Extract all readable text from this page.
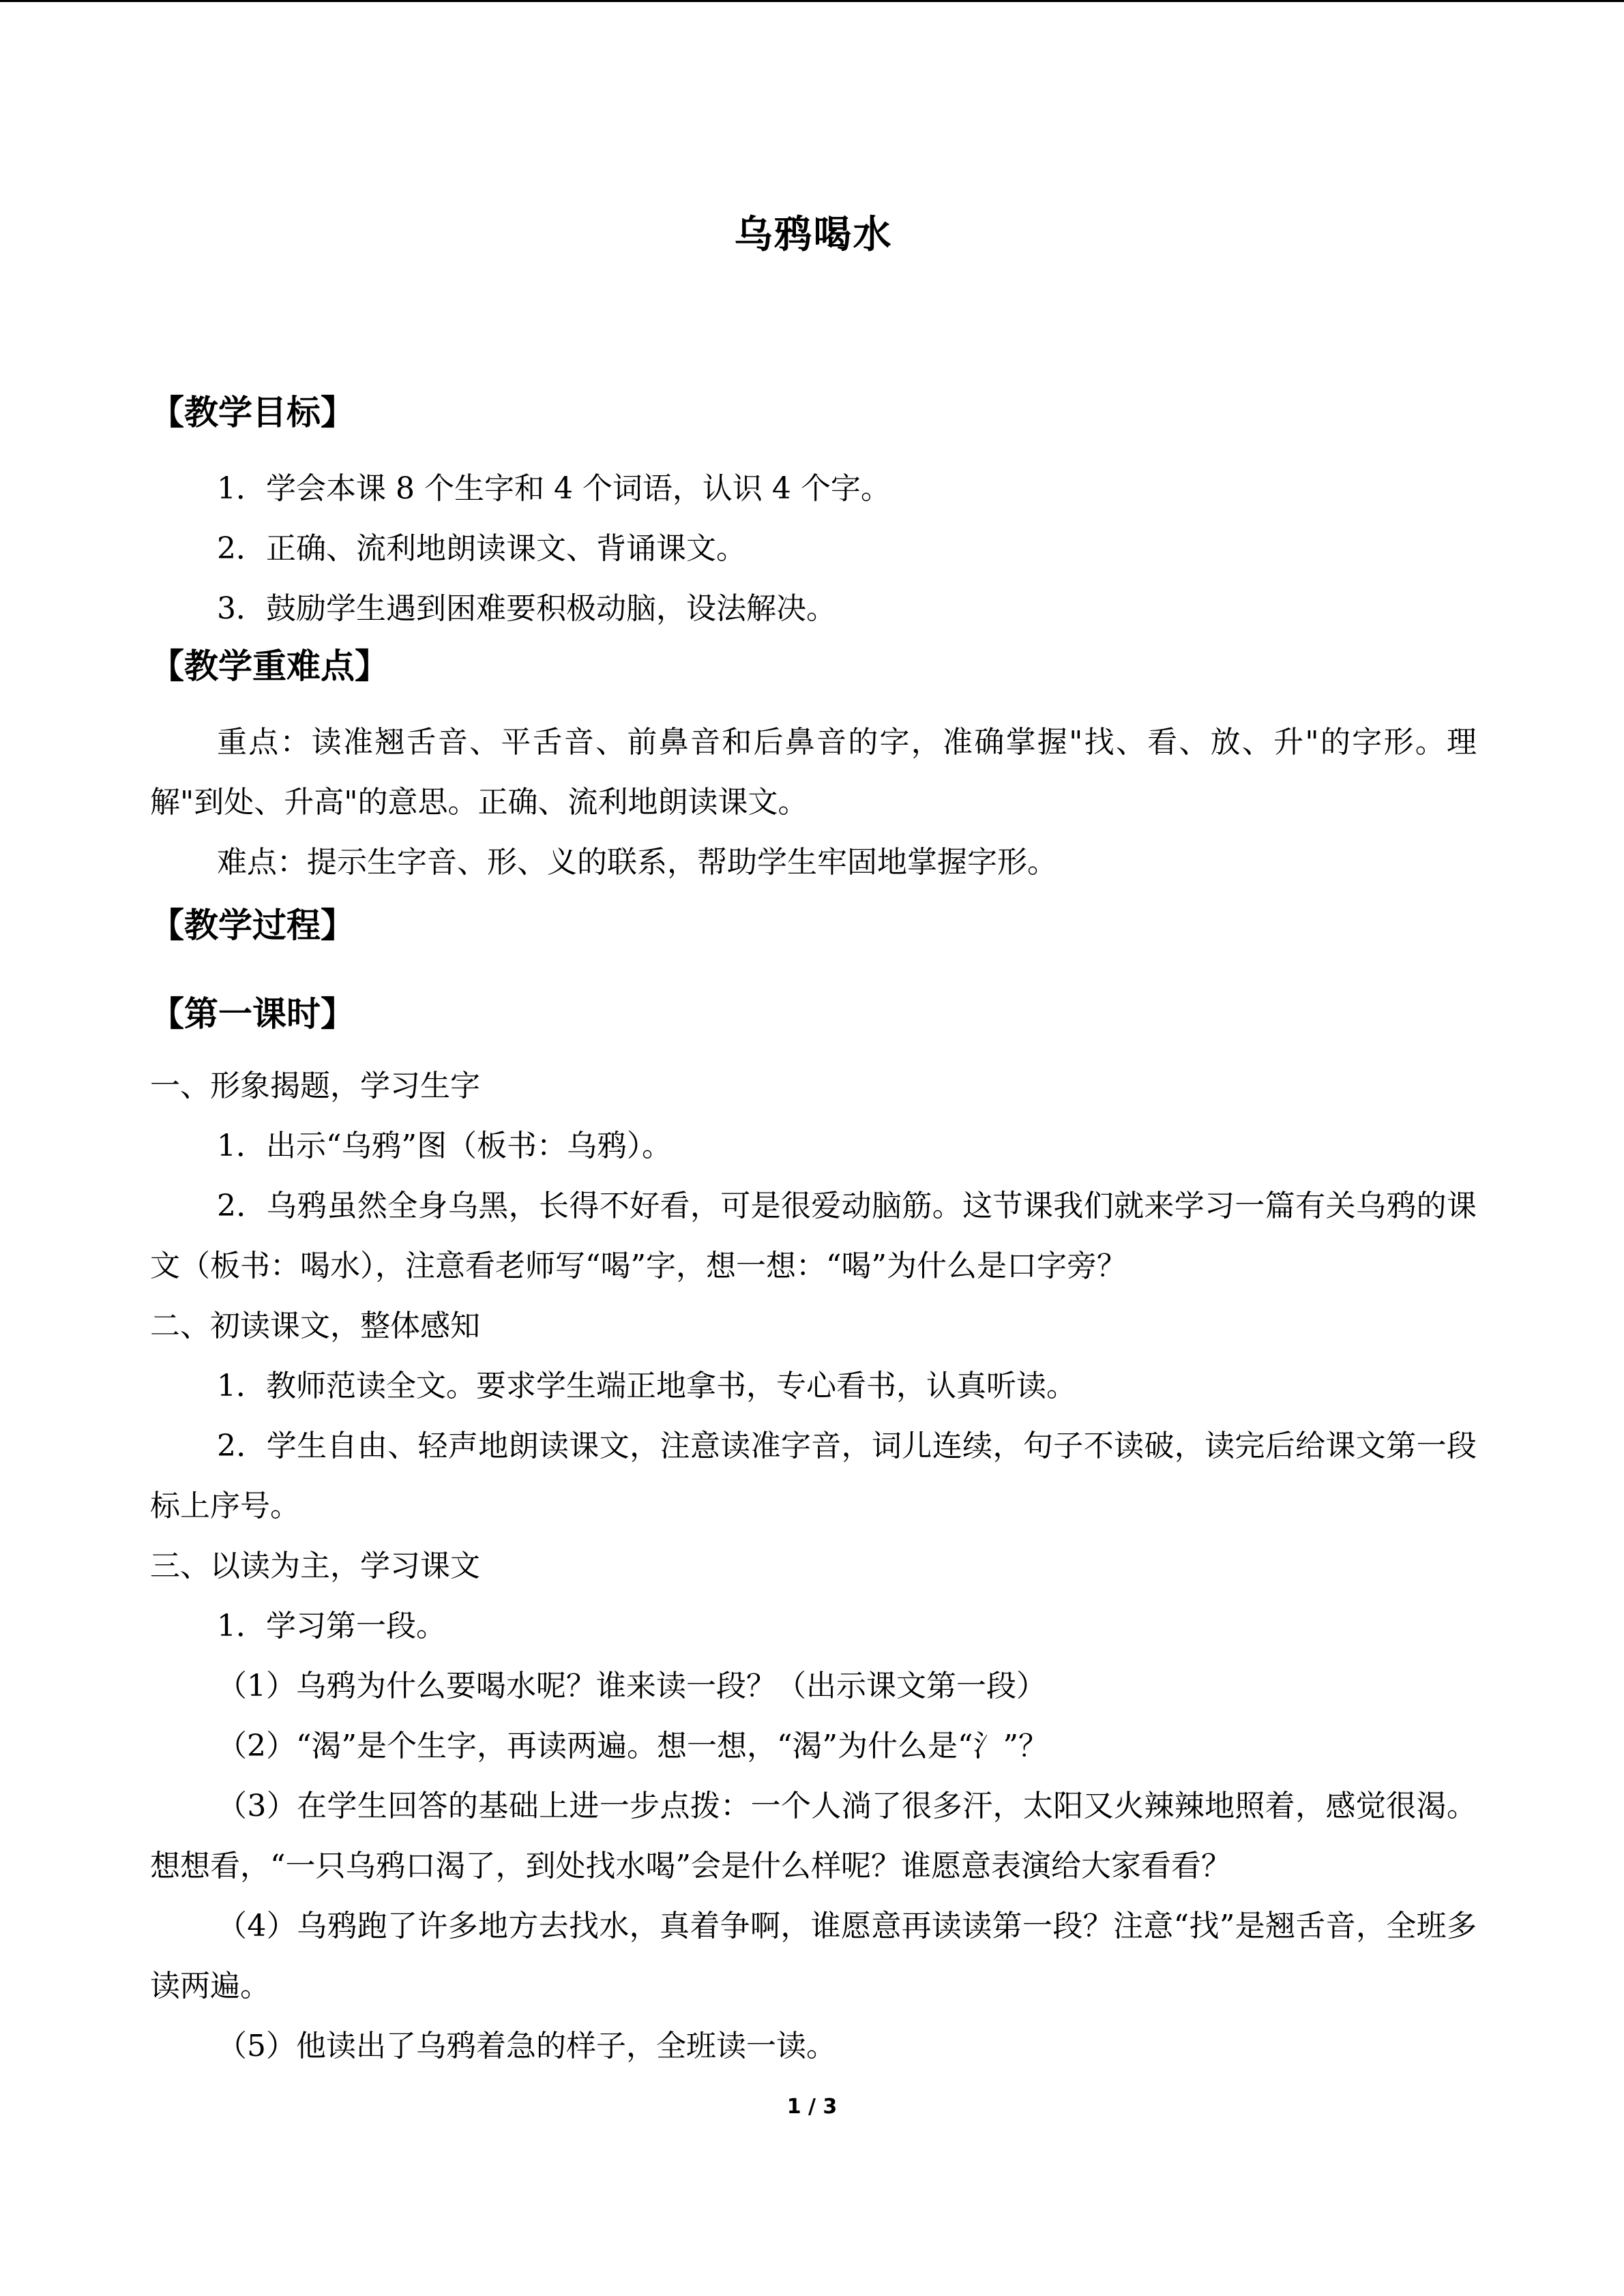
乌鸦喝水
【教学目标】

1．学会本课 8 个生字和 4 个词语，认识 4 个字。

2．正确、流利地朗读课文、背诵课文。

3．鼓励学生遇到困难要积极动脑，设法解决。

【教学重难点】

重点：读准翘舌音、平舌音、前鼻音和后鼻音的字，准确掌握"找、看、放、升"的字形。理解"到处、升高"的意思。正确、流利地朗读课文。

难点：提示生字音、形、义的联系，帮助学生牢固地掌握字形。

【教学过程】
【第一课时】

一、形象揭题，学习生字

1．出示“乌鸦”图（板书：乌鸦）。

2．乌鸦虽然全身乌黑，长得不好看，可是很爱动脑筋。这节课我们就来学习一篇有关乌鸦的课文（板书：喝水），注意看老师写“喝”字，想一想：“喝”为什么是口字旁？

二、初读课文，整体感知

1．教师范读全文。要求学生端正地拿书，专心看书，认真听读。

2．学生自由、轻声地朗读课文，注意读准字音，词儿连续，句子不读破，读完后给课文第一段标上序号。

三、以读为主，学习课文

1．学习第一段。

（1）乌鸦为什么要喝水呢？谁来读一段？（出示课文第一段）

（2）“渴”是个生字，再读两遍。想一想，“渴”为什么是“氵”？

（3）在学生回答的基础上进一步点拨：一个人淌了很多汗，太阳又火辣辣地照着，感觉很渴。想想看，“一只乌鸦口渴了，到处找水喝”会是什么样呢？谁愿意表演给大家看看？

（4）乌鸦跑了许多地方去找水，真着争啊，谁愿意再读读第一段？注意“找”是翘舌音，全班多读两遍。

（5）他读出了乌鸦着急的样子，全班读一读。

1 / 3
